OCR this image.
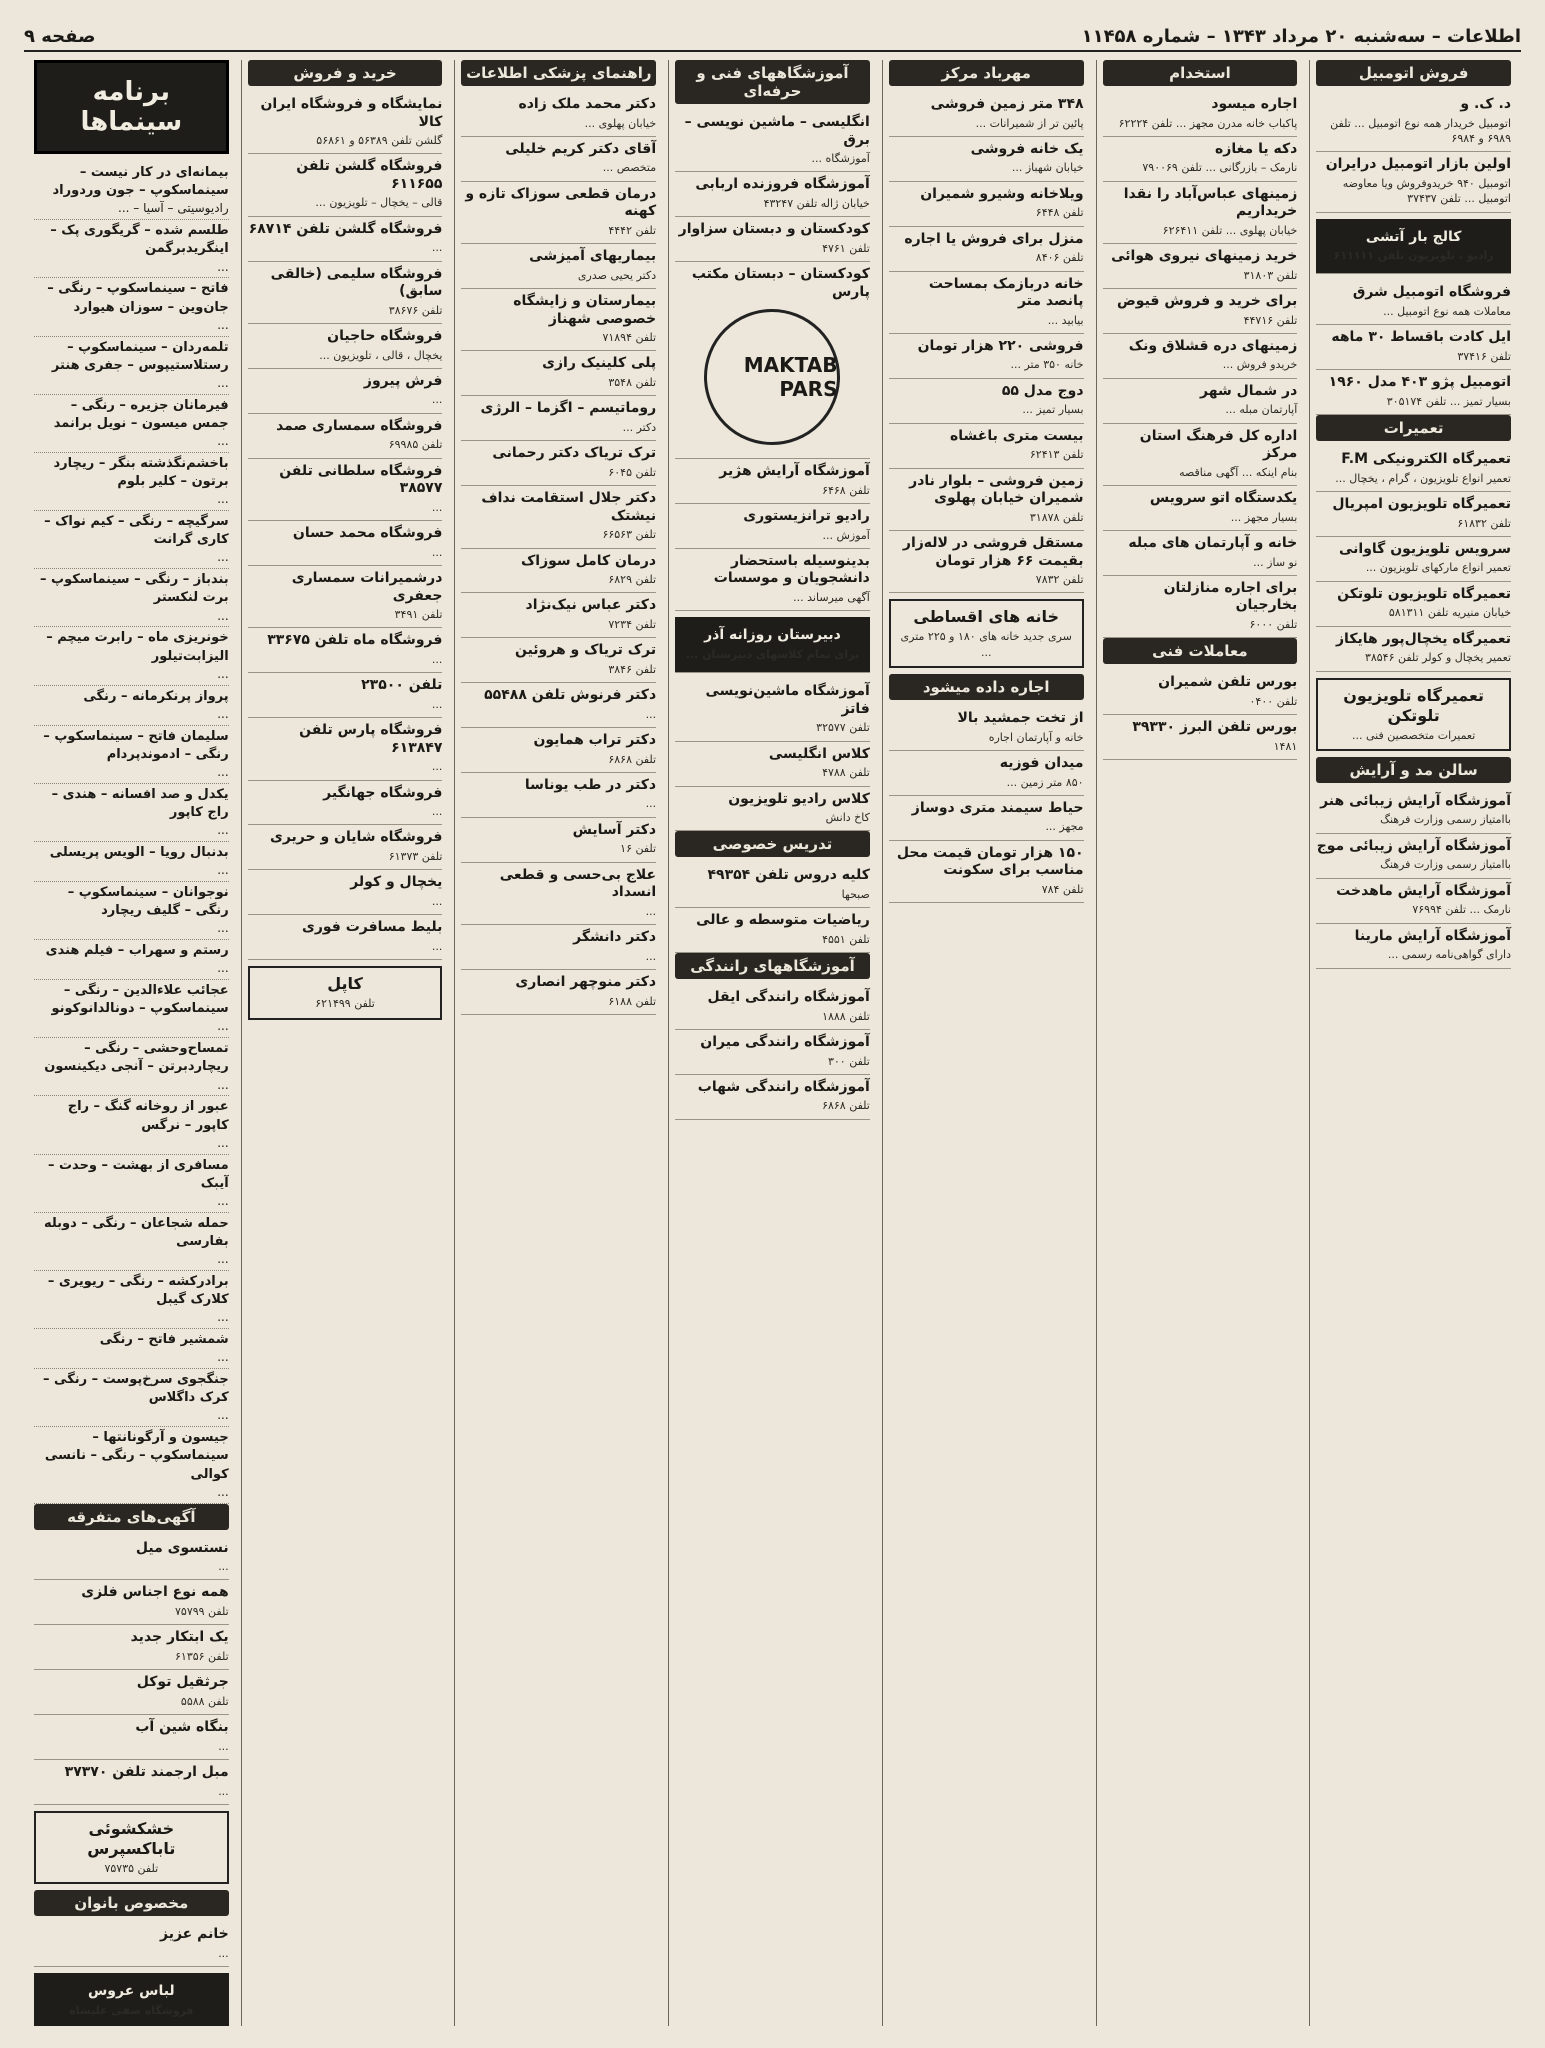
اطلاعات – سه‌شنبه ۲۰ مرداد ۱۳۴۳ – شماره ۱۱۴۵۸
صفحه ۹
فروش اتومبیل
د. ک. و
اتومبیل خریدار همه نوع اتومبیل ... تلفن ۶۹۸۹ و ۶۹۸۴
اولین بازار اتومبیل درایران
اتومبیل ۹۴۰ خریدوفروش ویا معاوضه اتومبیل ... تلفن ۳۷۴۳۷
کالج بار آتشی
رادیو ، تلویزیون تلفن ۶۱۱۱۱۱
فروشگاه اتومبیل شرق
معاملات همه نوع اتومبیل ...
ایل کادت باقساط ۳۰ ماهه
تلفن ۳۷۴۱۶
اتومبیل پژو ۴۰۳ مدل ۱۹۶۰
بسیار تمیز ... تلفن ۳۰۵۱۷۴
تعمیرات
تعمیرگاه الکترونیکی F.M
تعمیر انواع تلویزیون ، گرام ، یخچال ...
تعمیرگاه تلویزیون امپریال
تلفن ۶۱۸۳۲
سرویس تلویزیون گاوانی
تعمیر انواع مارکهای تلویزیون ...
تعمیرگاه تلویزیون تلوتکن
خیابان منیریه تلفن ۵۸۱۳۱۱
تعمیرگاه یخچال‌پور هایکاز
تعمیر یخچال و کولر تلفن ۳۸۵۴۶
تعمیرگاه تلویزیون تلوتکن
تعمیرات متخصصین فنی ...
سالن مد و آرایش
آموزشگاه آرایش زیبائی هنر
باامتیاز رسمی وزارت فرهنگ
آموزشگاه آرایش زیبائی موج
باامتیاز رسمی وزارت فرهنگ
آموزشگاه آرایش ماهدخت
نارمک ... تلفن ۷۶۹۹۴
آموزشگاه آرایش مارینا
دارای گواهی‌نامه رسمی ...
استخدام
اجاره میسود
پاکباب خانه مدرن مجهز ... تلفن ۶۲۲۲۴
دکه یا مغازه
نارمک – بازرگانی ... تلفن ۷۹۰۰۶۹
زمینهای عباس‌آباد را نقدا خریداریم
خیابان پهلوی ... تلفن ۶۲۶۴۱۱
خرید زمینهای نیرو‌ی هوائی
تلفن ۳۱۸۰۳
برای خرید و فروش قیوض
تلفن ۴۴۷۱۶
زمینهای دره قشلاق ونک
خریدو فروش ...
در شمال شهر
آپارتمان مبله ...
اداره کل فرهنگ استان مرکز
بنام اینکه ... آگهی مناقصه
یکدستگاه اتو سرویس
بسیار مجهز ...
خانه و آپارتمان های مبله
نو ساز ...
برای اجاره منازلتان بخارجیان
تلفن ۶۰۰۰
معاملات فنی
بورس تلفن شمیران
تلفن ۰۴۰۰
بورس تلفن البرز ۳۹۳۳۰
۱۴۸۱
مهرباد مرکز
۳۴۸ متر زمین فروشی
پائین تر از شمیرانات ...
یک خانه فروشی
خیابان شهباز ...
ویلا‌خانه وشیرو شمیران
تلفن ۶۴۴۸
منزل برای فروش یا اجاره
تلفن ۸۴۰۶
خانه دربازمک بمساحت پانصد متر
بیابید ...
فروشی ۲۲۰ هزار تومان
خانه ۳۵۰ متر ...
دوج مدل ۵۵
بسیار تمیز ...
بیست متری باغشاه
تلفن ۶۲۴۱۳
زمین فروشی – بلوار نادر شمیران خیابان پهلوی
تلفن ۳۱۸۷۸
مستقل فروشی در لاله‌زار بقیمت ۶۶ هزار تومان
تلفن ۷۸۳۲
خانه های اقساطی
سری جدید خانه های ۱۸۰ و ۲۲۵ متری ...
اجاره داده میشود
از تخت جمشید بالا
خانه و آپارتمان اجاره
میدان فوزیه
۸۵۰ متر زمین ...
حیاط سیمند متری دوساز
مجهز ...
۱۵۰ هزار تومان قیمت محل مناسب برای سکونت
تلفن ۷۸۴
آموزشگاههای فنی و حرفه‌ای
انگلیسی – ماشین نویسی – برق
آموزشگاه ...
آموزشگاه فروزنده اربابی
خیابان ژاله تلفن ۴۳۲۴۷
کودکستان و دبستان سزاوار
تلفن ۴۷۶۱
کودکستان – دبستان مکتب پارس
MAKTAB PARS
آموزشگاه آرایش هژیر
تلفن ۶۴۶۸
رادیو ترانزیستوری
آموزش ...
بدینوسیله باستحضار دانشجویان و موسسات
آگهی میرساند ...
دبیرستان روزانه آذر
برای تمام کلاسهای دبیرستان ...
آموزشگاه ماشین‌نویسی فاتز
تلفن ۳۲۵۷۷
کلاس انگلیسی
تلفن ۴۷۸۸
کلاس رادیو تلویزیون
کاخ دانش
تدریس خصوصی
کلیه دروس تلفن ۴۹۳۵۴
صبحها
ریاضیات متوسطه و عالی
تلفن ۴۵۵۱
آموزشگاههای رانندگی
آموزشگاه رانندگی ایقل
تلفن ۱۸۸۸
آموزشگاه رانندگی میران
تلفن ۳۰۰
آموزشگاه رانندگی شهاب
تلفن ۶۸۶۸
راهنمای پزشکی اطلاعات
دکتر محمد ملک زاده
خیابان پهلوی ...
آقای دکتر کریم خلیلی
متخصص ...
درمان قطعی سوزاک تازه و کهنه
تلفن ۴۴۴۲
بیماریهای آمیزشی
دکتر یحیی صدری
بیمارستان و زایشگاه خصوصی شهناز
تلفن ۷۱۸۹۴
پلی کلینیک رازی
تلفن ۳۵۴۸
روماتیسم – اگزما – الرژی
دکتر ...
ترک تریاک دکتر رحمانی
تلفن ۶۰۴۵
دکتر جلال استقامت نداف نیشتک
تلفن ۶۶۵۶۳
درمان کامل سوزاک
تلفن ۶۸۲۹
دکتر عباس نیک‌نژاد
تلفن ۷۲۳۴
ترک تریاک و هروئین
تلفن ۳۸۴۶
دکتر فرنوش تلفن ۵۵۴۸۸
...
دکتر تراب همایون
تلفن ۶۸۶۸
دکتر در طب یوناسا
...
دکتر آسایش
تلفن ۱۶
علاج بی‌حسی و قطعی انسداد
...
دکتر دانشگر
...
دکتر منوچهر انصاری
تلفن ۶۱۸۸
خرید و فروش
نمایشگاه و فروشگاه ایران کالا
گلشن تلفن ۵۶۳۸۹ و ۵۶۸۶۱
فروشگاه گلشن تلفن ۶۱۱۶۵۵
قالی – یخچال – تلویزیون ...
فروشگاه گلشن تلفن ۶۸۷۱۴
...
فروشگاه سلیمی (خالقی سابق)
تلفن ۳۸۶۷۶
فروشگاه حاجیان
یخچال ، قالی ، تلویزیون ...
فرش پیروز
...
فروشگاه سمساری صمد
تلفن ۶۹۹۸۵
فروشگاه سلطانی تلفن ۳۸۵۷۷
...
فروشگاه محمد حسان
...
درشمیرانات سمساری جعفری
تلفن ۳۴۹۱
فروشگاه ماه تلفن ۳۳۶۷۵
...
تلفن ۲۳۵۰۰
...
فروشگاه پارس تلفن ۶۱۳۸۴۷
...
فروشگاه جهانگیر
...
فروشگاه شایان و حریری
تلفن ۶۱۳۷۳
یخچال و کولر
...
بلیط مسافرت فوری
...
کاپل
تلفن ۶۲۱۴۹۹
برنامه سینماها
بیمانه‌ای در کار نیست – سینماسکوپ – جون وردوراد
رادیوسیتی – آسیا – ...
طلسم شده – گریگوری پک – اینگریدبرگمن
...
فاتح – سینماسکوپ – رنگی – جان‌وین – سوزان هیوارد
...
تلمه‌ردان – سینماسکوپ – رستلاستیپوس – جفری هنتر
...
فیرمانان جزیره – رنگی – جمس میسون – نویل برانمد
...
باخشم‌نگذشته بنگر – ریچارد برتون – کلیر بلوم
...
سرگیچه – رنگی – کیم نواک – کاری گرانت
...
بندباز – رنگی – سینماسکوپ – برت لنکستر
...
خونریزی ماه – رابرت میچم – الیزابت‌تیلور
...
پرواز پرنکرمانه – رنگی
...
سلیمان فاتح – سینماسکوپ – رنگی – ادموندپردام
...
یکدل و صد افسانه – هندی – راج کاپور
...
بدنبال رویا – الویس پریسلی
...
نوجوانان – سینماسکوپ – رنگی – گلیف ریچارد
...
رستم و سهراب – فیلم هندی
...
عجائب علاءالدین – رنگی – سینماسکوپ – دونالدانوکونو
...
تمساح‌وحشی – رنگی – ریچاردبرتن – آنجی دیکینسون
...
عبور از روخانه گنگ – راج کاپور – نرگس
...
مسافری از بهشت – وحدت – آیبک
...
حمله شجاعان – رنگی – دوبله بفارسی
...
برادرکشه – رنگی – ریویری – کلارک گیبل
...
شمشیر فاتح – رنگی
...
جنگجوی سرخ‌پوست – رنگی – کرک داگلاس
...
جیسون و آرگونانتها – سینماسکوپ – رنگی – نانسی کوالی
...
آگهی‌های متفرقه
نستسوی میل
...
همه نوع اجناس فلزی
تلفن ۷۵۷۹۹
یک ابتکار جدید
تلفن ۶۱۳۵۶
جرثقیل توکل
تلفن ۵۵۸۸
بنگاه شین آب
...
مبل ارجمند تلفن ۳۷۳۷۰
...
خشکشوئی تاباکسپرس
تلفن ۷۵۷۳۵
مخصوص بانوان
خانم عزیز
...
لباس عروس
فروشگاه صفی علیشاه
